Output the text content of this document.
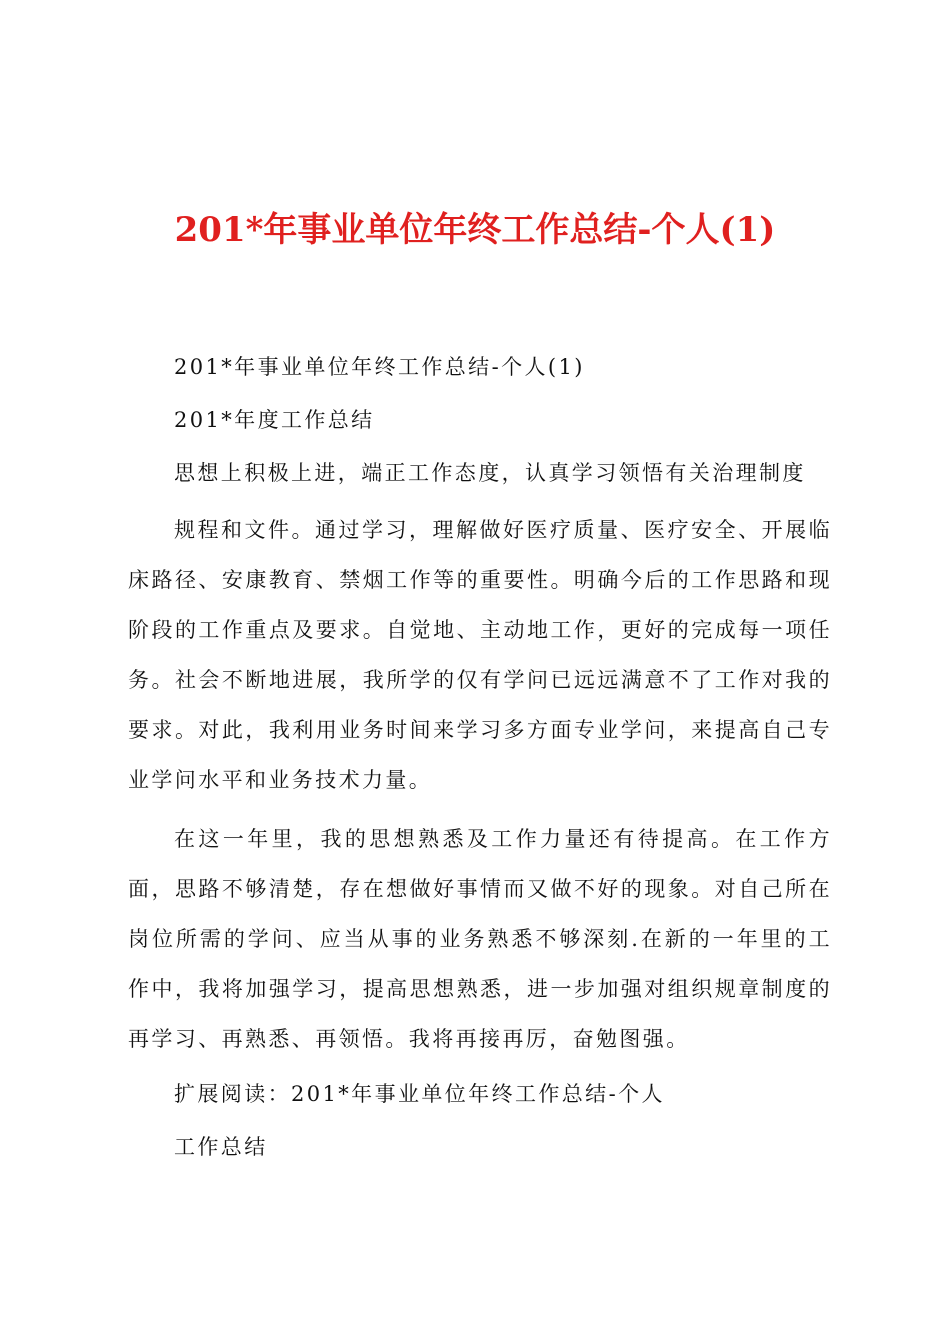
201*年事业单位年终工作总结-个人(1)

201*年事业单位年终工作总结-个人(1)

201*年度工作总结

思想上积极上进，端正工作态度，认真学习领悟有关治理制度

规程和文件。通过学习，理解做好医疗质量、医疗安全、开展临床路径、安康教育、禁烟工作等的重要性。明确今后的工作思路和现阶段的工作重点及要求。自觉地、主动地工作，更好的完成每一项任务。社会不断地进展，我所学的仅有学问已远远满意不了工作对我的要求。对此，我利用业务时间来学习多方面专业学问，来提高自己专业学问水平和业务技术力量。

在这一年里，我的思想熟悉及工作力量还有待提高。在工作方面，思路不够清楚，存在想做好事情而又做不好的现象。对自己所在岗位所需的学问、应当从事的业务熟悉不够深刻.在新的一年里的工作中，我将加强学习，提高思想熟悉，进一步加强对组织规章制度的再学习、再熟悉、再领悟。我将再接再厉，奋勉图强。

扩展阅读：201*年事业单位年终工作总结-个人

工作总结
